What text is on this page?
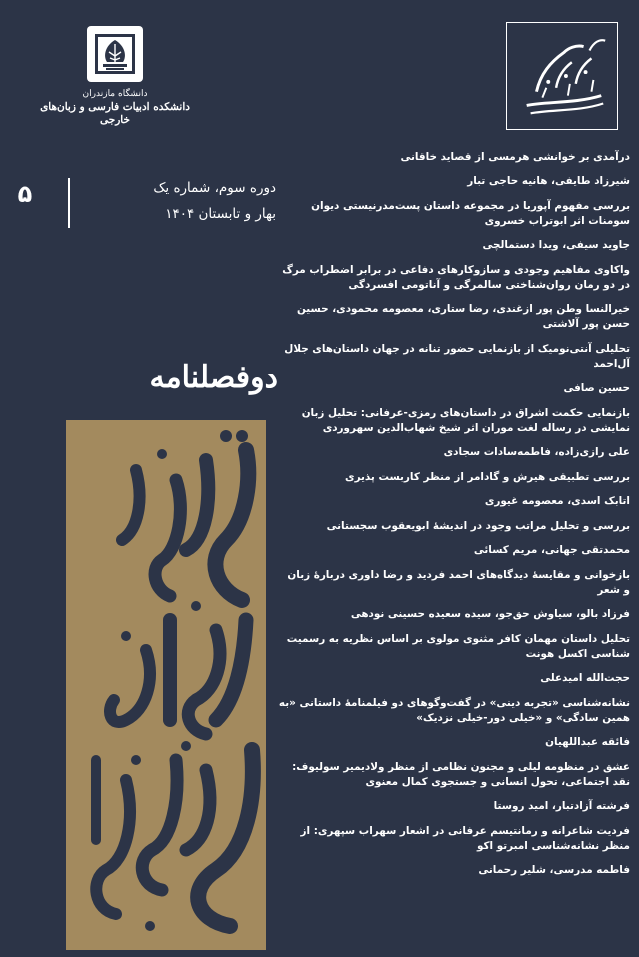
دانشگاه مازندران
دانشکده ادبیات فارسی و زبان‌های خارجی
۵	دوره سوم، شماره یک
بهار و تابستان ۱۴۰۴
دوفصلنامه
درآمدی بر خوانشی هرمسی از قصاید خاقانی
شیرزاد طایفی، هانیه حاجی تبار
بررسی مفهوم آپوریا در مجموعه داستان پست‌مدرنیستی دیوان سومنات اثر ابوتراب خسروی
جاوید سیفی، ویدا دستمالچی
واکاوی مفاهیم وجودی و سازوکارهای دفاعی در برابر اضطراب مرگ در دو رمان روان‌شناختی سالمرگی و آناتومی افسردگی
خیرالنسا وطن پور ازغندی، رضا ستاری، معصومه محمودی، حسین حسن پور آلاشتی
تحلیلی آنتی‌نومیک از بازنمایی حضور تنانه در جهان داستان‌های جلال آل‌احمد
حسین صافی
بازنمایی حکمت اشراق در داستان‌های رمزی-عرفانی: تحلیل زبان نمایشی در رساله لغت موران اثر شیخ شهاب‌الدین سهروردی
علی رازی‌زاده، فاطمه‌سادات سجادی
بررسی تطبیقی هیرش و گادامر از منظر کاربست پذیری
اتابک اسدی، معصومه غیوری
بررسی و تحلیل مراتب وجود در اندیشهٔ ابویعقوب سجستانی
محمدتقی جهانی، مریم کسائی
بازخوانی و مقایسهٔ دیدگاه‌های احمد فردید و رضا داوری دربارهٔ زبان و شعر
فرزاد بالو، سیاوش حق‌جو، سیده سعیده حسینی نودهی
تحلیل داستان مهمان کافر مثنوی مولوی بر اساس نظریه به رسمیت شناسی اکسل هونت
حجت‌الله امیدعلی
نشانه‌شناسی «تجربه دینی» در گفت‌وگوهای دو فیلمنامهٔ داستانی «به همین سادگی» و «خیلی دور-خیلی نزدیک»
فائقه عبداللهیان
عشق در منظومه لیلی و مجنون نظامی از منظر ولادیمیر سولیوف: نقد اجتماعی، تحول انسانی و جستجوی کمال معنوی
فرشته آزادتبار، امید روستا
فردیت شاعرانه و رمانتیسم عرفانی در اشعار سهراب سپهری: از منظر نشانه‌شناسی امبرتو اکو
فاطمه مدرسی، شلیر رحمانی
